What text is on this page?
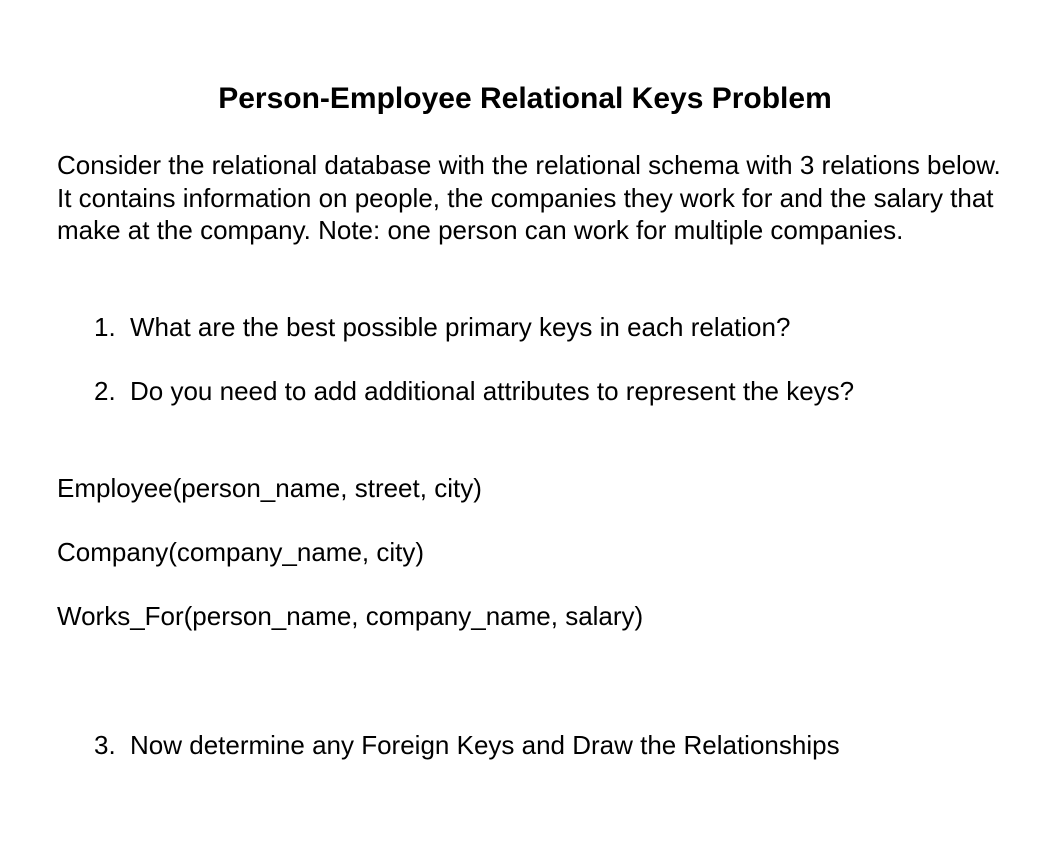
Person-Employee Relational Keys Problem

Consider the relational database with the relational schema with 3 relations below. It contains information on people, the companies they work for and the salary that make at the company. Note: one person can work for multiple companies.

1. What are the best possible primary keys in each relation?

2. Do you need to add additional attributes to represent the keys?

Employee(person_name, street, city)

Company(company_name, city)

Works_For(person_name, company_name, salary)

3. Now determine any Foreign Keys and Draw the Relationships
